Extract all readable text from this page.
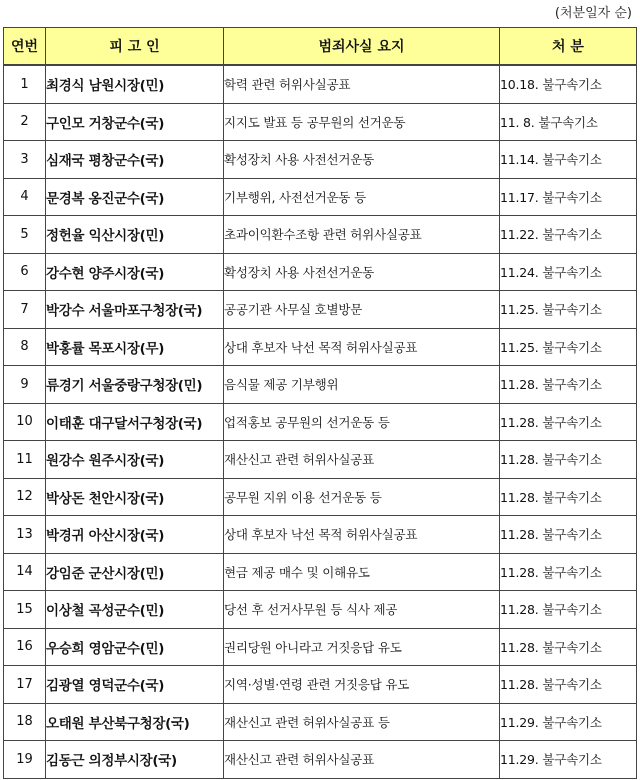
(처분일자 순)
연번	피 고 인	범죄사실 요지	처 분
1	최경식 남원시장(민)	학력 관련 허위사실공표	10.18. 불구속기소
2	구인모 거창군수(국)	지지도 발표 등 공무원의 선거운동	11. 8. 불구속기소
3	심재국 평창군수(국)	확성장치 사용 사전선거운동	11.14. 불구속기소
4	문경복 옹진군수(국)	기부행위, 사전선거운동 등	11.17. 불구속기소
5	정헌율 익산시장(민)	초과이익환수조항 관련 허위사실공표	11.22. 불구속기소
6	강수현 양주시장(국)	확성장치 사용 사전선거운동	11.24. 불구속기소
7	박강수 서울마포구청장(국)	공공기관 사무실 호별방문	11.25. 불구속기소
8	박홍률 목포시장(무)	상대 후보자 낙선 목적 허위사실공표	11.25. 불구속기소
9	류경기 서울중랑구청장(민)	음식물 제공 기부행위	11.28. 불구속기소
10	이태훈 대구달서구청장(국)	업적홍보 공무원의 선거운동 등	11.28. 불구속기소
11	원강수 원주시장(국)	재산신고 관련 허위사실공표	11.28. 불구속기소
12	박상돈 천안시장(국)	공무원 지위 이용 선거운동 등	11.28. 불구속기소
13	박경귀 아산시장(국)	상대 후보자 낙선 목적 허위사실공표	11.28. 불구속기소
14	강임준 군산시장(민)	현금 제공 매수 및 이해유도	11.28. 불구속기소
15	이상철 곡성군수(민)	당선 후 선거사무원 등 식사 제공	11.28. 불구속기소
16	우승희 영암군수(민)	권리당원 아니라고 거짓응답 유도	11.28. 불구속기소
17	김광열 영덕군수(국)	지역·성별·연령 관련 거짓응답 유도	11.28. 불구속기소
18	오태원 부산북구청장(국)	재산신고 관련 허위사실공표 등	11.29. 불구속기소
19	김동근 의정부시장(국)	재산신고 관련 허위사실공표	11.29. 불구속기소
